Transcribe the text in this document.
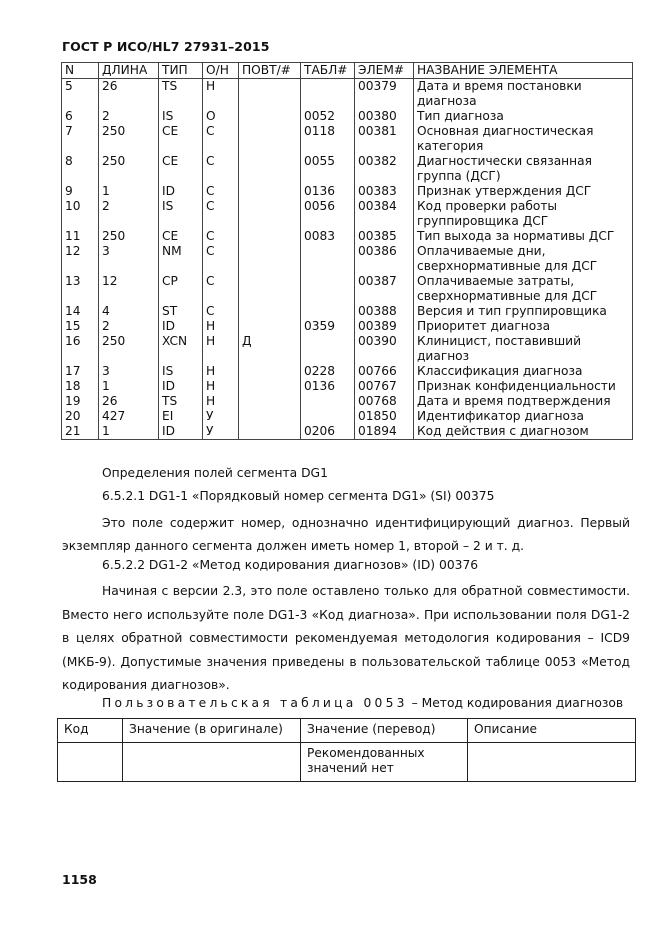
ГОСТ Р ИСО/HL7 27931–2015
N	ДЛИНА	ТИП	О/Н	ПОВТ/#	ТАБЛ#	ЭЛЕМ#	НАЗВАНИЕ ЭЛЕМЕНТА
5	26	TS	Н			00379	Дата и время постановки диагноза
6	2	IS	О		0052	00380	Тип диагноза
7	250	CE	С		0118	00381	Основная диагностическая категория
8	250	CE	С		0055	00382	Диагностически связанная группа (ДСГ)
9	1	ID	С		0136	00383	Признак утверждения ДСГ
10	2	IS	С		0056	00384	Код проверки работы группировщика ДСГ
11	250	CE	С		0083	00385	Тип выхода за нормативы ДСГ
12	3	NM	С			00386	Оплачиваемые дни, сверхнормативные для ДСГ
13	12	CP	С			00387	Оплачиваемые затраты, сверхнормативные для ДСГ
14	4	ST	С			00388	Версия и тип группировщика
15	2	ID	Н		0359	00389	Приоритет диагноза
16	250	XCN	Н	Д		00390	Клиницист, поставивший диагноз
17	3	IS	Н		0228	00766	Классификация диагноза
18	1	ID	Н		0136	00767	Признак конфиденциальности
19	26	TS	Н			00768	Дата и время подтверждения
20	427	EI	У			01850	Идентификатор диагноза
21	1	ID	У		0206	01894	Код действия с диагнозом
Определения полей сегмента DG1
6.5.2.1 DG1-1 «Порядковый номер сегмента DG1» (SI) 00375
Это поле содержит номер, однозначно идентифицирующий диагноз. Первый экземпляр данного сегмента должен иметь номер 1, второй – 2 и т. д.
6.5.2.2 DG1-2 «Метод кодирования диагнозов» (ID) 00376
Начиная с версии 2.3, это поле оставлено только для обратной совместимости. Вместо него используйте поле DG1-3 «Код диагноза». При использовании поля DG1-2 в целях обратной совместимости рекомендуемая методология кодирования – ICD9 (МКБ-9). Допустимые значения приведены в пользовательской таблице 0053 «Метод кодирования диагнозов».
Пользовательская таблица 0053 – Метод кодирования диагнозов
Код	Значение (в оригинале)	Значение (перевод)	Описание
		Рекомендованных значений нет	
1158
